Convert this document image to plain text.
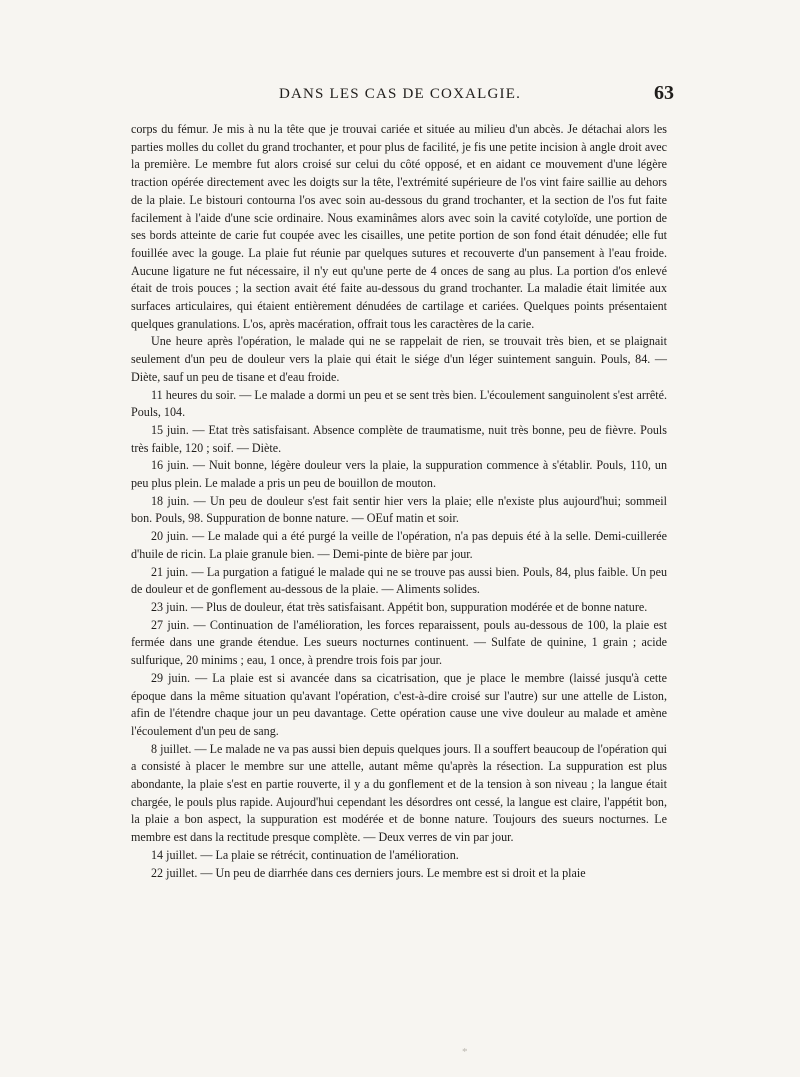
DANS LES CAS DE COXALGIE.	63

corps du fémur. Je mis à nu la tête que je trouvai cariée et située au milieu d'un abcès. Je détachai alors les parties molles du collet du grand trochanter, et pour plus de facilité, je fis une petite incision à angle droit avec la première. Le membre fut alors croisé sur celui du côté opposé, et en aidant ce mouvement d'une légère traction opérée directement avec les doigts sur la tête, l'extrémité supérieure de l'os vint faire saillie au dehors de la plaie. Le bistouri contourna l'os avec soin au-dessous du grand trochanter, et la section de l'os fut faite facilement à l'aide d'une scie ordinaire. Nous examinâmes alors avec soin la cavité cotyloïde, une portion de ses bords atteinte de carie fut coupée avec les cisailles, une petite portion de son fond était dénudée; elle fut fouillée avec la gouge. La plaie fut réunie par quelques sutures et recouverte d'un pansement à l'eau froide. Aucune ligature ne fut nécessaire, il n'y eut qu'une perte de 4 onces de sang au plus. La portion d'os enlevé était de trois pouces ; la section avait été faite au-dessous du grand trochanter. La maladie était limitée aux surfaces articulaires, qui étaient entièrement dénudées de cartilage et cariées. Quelques points présentaient quelques granulations. L'os, après macération, offrait tous les caractères de la carie.

Une heure après l'opération, le malade qui ne se rappelait de rien, se trouvait très bien, et se plaignait seulement d'un peu de douleur vers la plaie qui était le siége d'un léger suintement sanguin. Pouls, 84. — Diète, sauf un peu de tisane et d'eau froide.

11 heures du soir. — Le malade a dormi un peu et se sent très bien. L'écoulement sanguinolent s'est arrêté. Pouls, 104.

15 juin. — Etat très satisfaisant. Absence complète de traumatisme, nuit très bonne, peu de fièvre. Pouls très faible, 120 ; soif. — Diète.

16 juin. — Nuit bonne, légère douleur vers la plaie, la suppuration commence à s'établir. Pouls, 110, un peu plus plein. Le malade a pris un peu de bouillon de mouton.

18 juin. — Un peu de douleur s'est fait sentir hier vers la plaie; elle n'existe plus aujourd'hui; sommeil bon. Pouls, 98. Suppuration de bonne nature. — OEuf matin et soir.

20 juin. — Le malade qui a été purgé la veille de l'opération, n'a pas depuis été à la selle. Demi-cuillerée d'huile de ricin. La plaie granule bien. — Demi-pinte de bière par jour.

21 juin. — La purgation a fatigué le malade qui ne se trouve pas aussi bien. Pouls, 84, plus faible. Un peu de douleur et de gonflement au-dessous de la plaie. — Aliments solides.

23 juin. — Plus de douleur, état très satisfaisant. Appétit bon, suppuration modérée et de bonne nature.

27 juin. — Continuation de l'amélioration, les forces reparaissent, pouls au-dessous de 100, la plaie est fermée dans une grande étendue. Les sueurs nocturnes continuent. — Sulfate de quinine, 1 grain ; acide sulfurique, 20 minims ; eau, 1 once, à prendre trois fois par jour.

29 juin. — La plaie est si avancée dans sa cicatrisation, que je place le membre (laissé jusqu'à cette époque dans la même situation qu'avant l'opération, c'est-à-dire croisé sur l'autre) sur une attelle de Liston, afin de l'étendre chaque jour un peu davantage. Cette opération cause une vive douleur au malade et amène l'écoulement d'un peu de sang.

8 juillet. — Le malade ne va pas aussi bien depuis quelques jours. Il a souffert beaucoup de l'opération qui a consisté à placer le membre sur une attelle, autant même qu'après la résection. La suppuration est plus abondante, la plaie s'est en partie rouverte, il y a du gonflement et de la tension à son niveau ; la langue était chargée, le pouls plus rapide. Aujourd'hui cependant les désordres ont cessé, la langue est claire, l'appétit bon, la plaie a bon aspect, la suppuration est modérée et de bonne nature. Toujours des sueurs nocturnes. Le membre est dans la rectitude presque complète. — Deux verres de vin par jour.

14 juillet. — La plaie se rétrécit, continuation de l'amélioration.

22 juillet. — Un peu de diarrhée dans ces derniers jours. Le membre est si droit et la plaie

*
